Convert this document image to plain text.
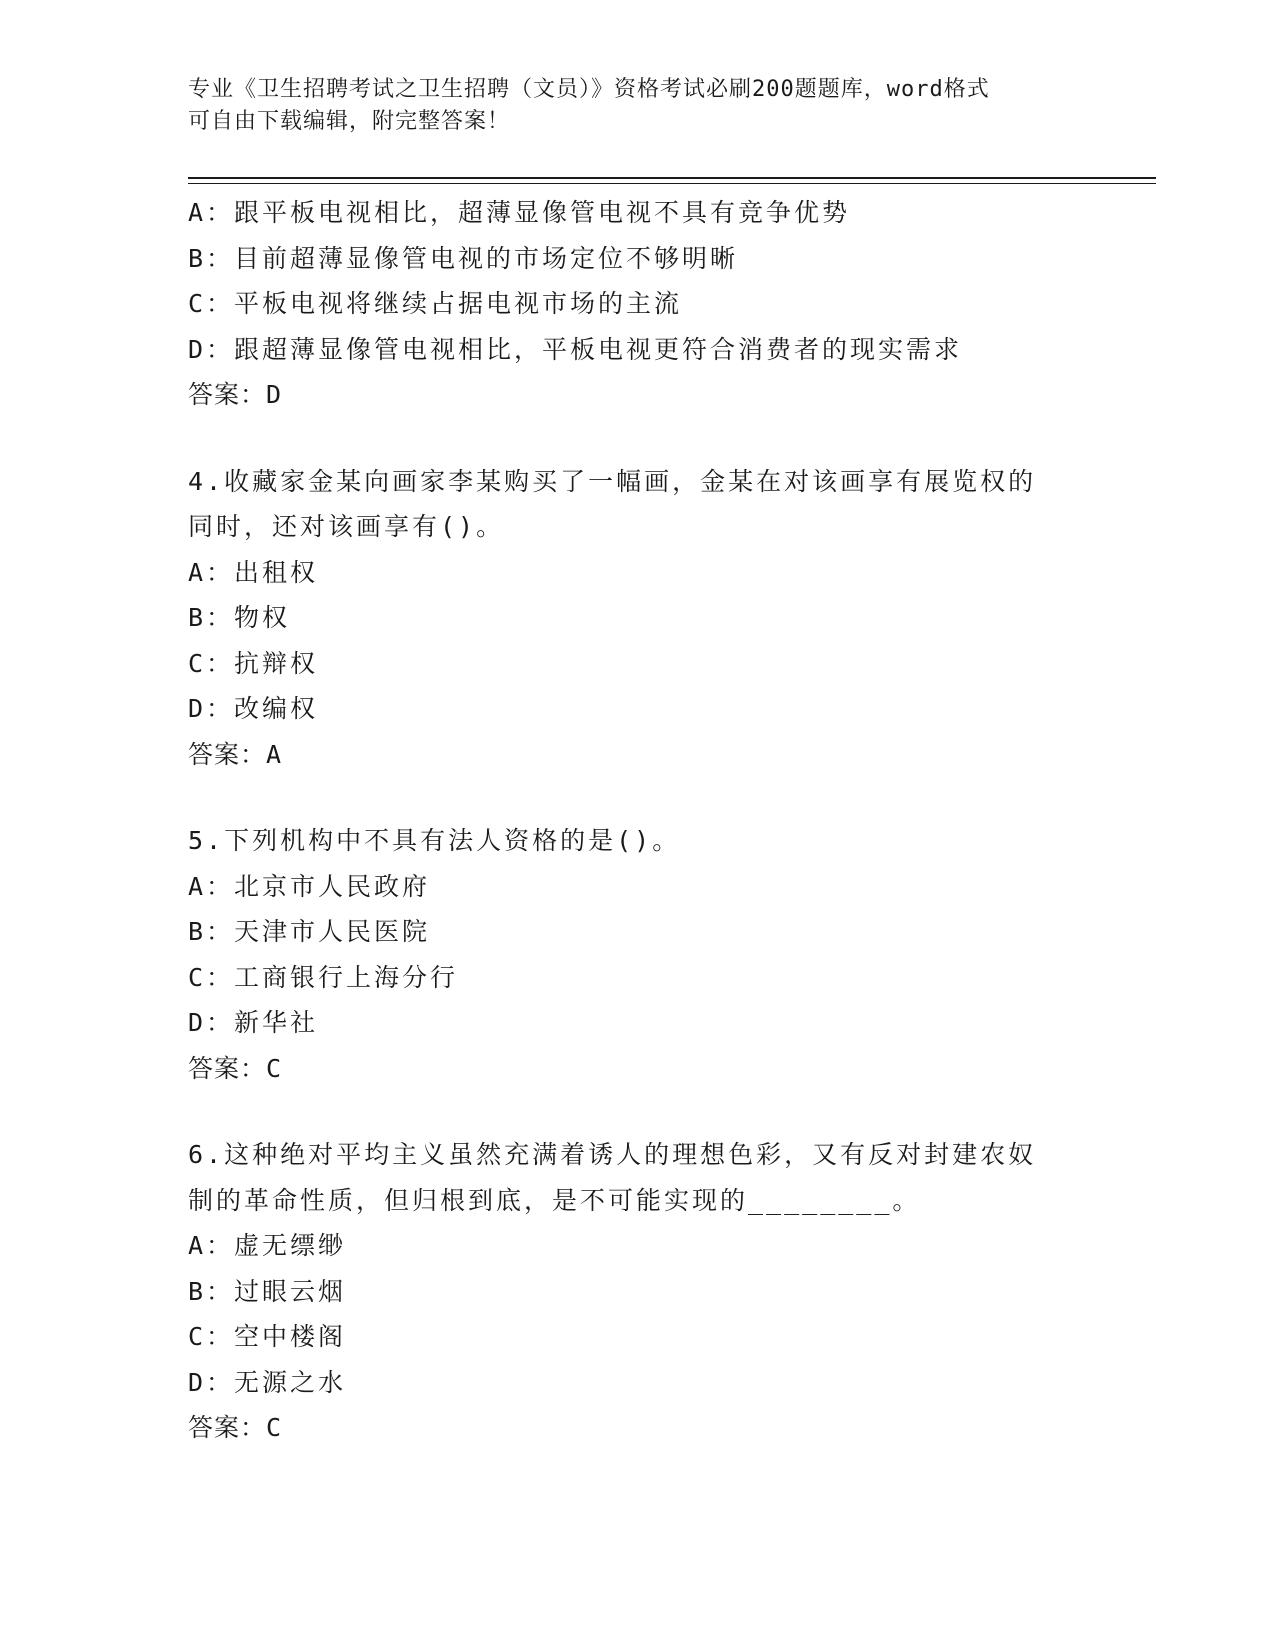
专业《卫生招聘考试之卫生招聘（文员）》资格考试必刷200题题库，word格式
可自由下载编辑，附完整答案！
A：跟平板电视相比，超薄显像管电视不具有竞争优势
B：目前超薄显像管电视的市场定位不够明晰
C：平板电视将继续占据电视市场的主流
D：跟超薄显像管电视相比，平板电视更符合消费者的现实需求
答案：D
4.收藏家金某向画家李某购买了一幅画，金某在对该画享有展览权的
同时，还对该画享有()。
A：出租权
B：物权
C：抗辩权
D：改编权
答案：A
5.下列机构中不具有法人资格的是()。
A：北京市人民政府
B：天津市人民医院
C：工商银行上海分行
D：新华社
答案：C
6.这种绝对平均主义虽然充满着诱人的理想色彩，又有反对封建农奴
制的革命性质，但归根到底，是不可能实现的________。
A：虚无缥缈
B：过眼云烟
C：空中楼阁
D：无源之水
答案：C
